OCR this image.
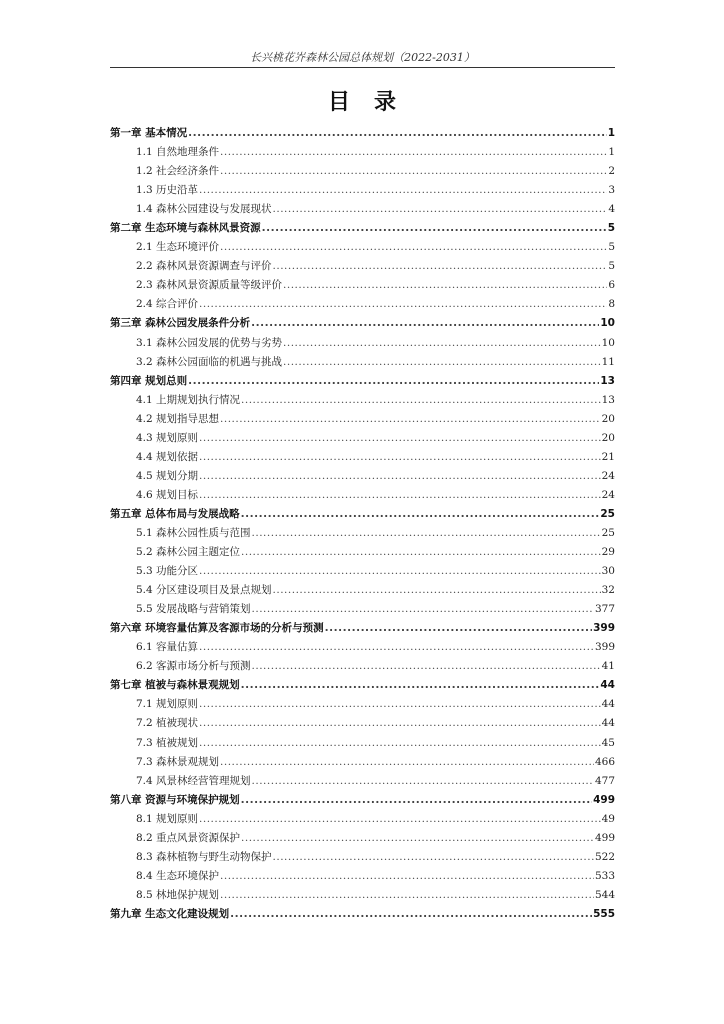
长兴桃花岕森林公园总体规划（2022-2031）
目录
第一章 基本情况 .....	1
1.1 自然地理条件 .....	1
1.2 社会经济条件 .....	2
1.3 历史沿革 .....	3
1.4 森林公园建设与发展现状 .....	4
第二章 生态环境与森林风景资源 .....	5
2.1 生态环境评价 .....	5
2.2 森林风景资源调查与评价 .....	5
2.3 森林风景资源质量等级评价 .....	6
2.4 综合评价 .....	8
第三章 森林公园发展条件分析 .....	10
3.1 森林公园发展的优势与劣势 .....	10
3.2 森林公园面临的机遇与挑战 .....	11
第四章 规划总则 .....	13
4.1 上期规划执行情况 .....	13
4.2 规划指导思想 .....	20
4.3 规划原则 .....	20
4.4 规划依据 .....	21
4.5 规划分期 .....	24
4.6 规划目标 .....	24
第五章 总体布局与发展战略 .....	25
5.1 森林公园性质与范围 .....	25
5.2 森林公园主题定位 .....	29
5.3 功能分区 .....	30
5.4 分区建设项目及景点规划 .....	32
5.5 发展战略与营销策划 .....	377
第六章 环境容量估算及客源市场的分析与预测 .....	399
6.1 容量估算 .....	399
6.2 客源市场分析与预测 .....	41
第七章 植被与森林景观规划 .....	44
7.1 规划原则 .....	44
7.2 植被现状 .....	44
7.3 植被规划 .....	45
7.3 森林景观规划 .....	466
7.4 风景林经营管理规划 .....	477
第八章 资源与环境保护规划 .....	499
8.1 规划原则 .....	49
8.2 重点风景资源保护 .....	499
8.3 森林植物与野生动物保护 .....	522
8.4 生态环境保护 .....	533
8.5 林地保护规划 .....	544
第九章 生态文化建设规划 .....	555
